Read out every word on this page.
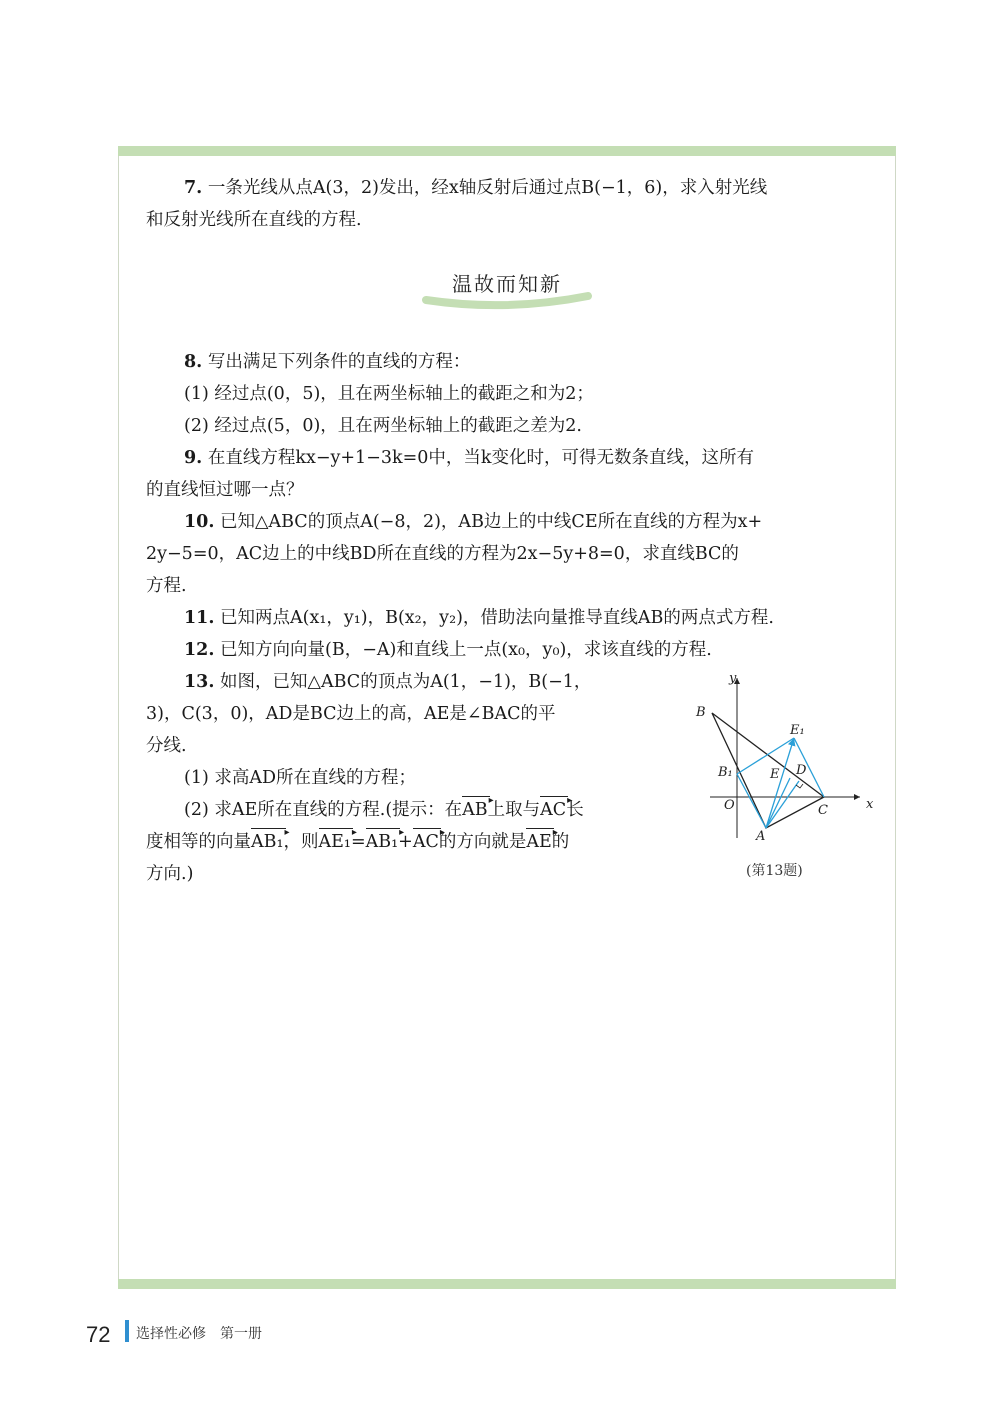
7. 一条光线从点A(3，2)发出，经x轴反射后通过点B(−1，6)，求入射光线
和反射光线所在直线的方程.
温故而知新
8. 写出满足下列条件的直线的方程：
(1) 经过点(0，5)，且在两坐标轴上的截距之和为2；
(2) 经过点(5，0)，且在两坐标轴上的截距之差为2.
9. 在直线方程kx−y+1−3k=0中，当k变化时，可得无数条直线，这所有
的直线恒过哪一点？
10. 已知△ABC的顶点A(−8，2)，AB边上的中线CE所在直线的方程为x+
2y−5=0，AC边上的中线BD所在直线的方程为2x−5y+8=0，求直线BC的
方程.
11. 已知两点A(x₁，y₁)，B(x₂，y₂)，借助法向量推导直线AB的两点式方程.
12. 已知方向向量(B，−A)和直线上一点(x₀，y₀)，求该直线的方程.
13. 如图，已知△ABC的顶点为A(1，−1)，B(−1，
3)，C(3，0)，AD是BC边上的高，AE是∠BAC的平
分线.
(1) 求高AD所在直线的方程；
(2) 求AE所在直线的方程.(提示：在AB ▸上取与AC ▸长
度相等的向量AB₁ ▸，则AE₁ ▸=AB₁ ▸+AC ▸的方向就是AE ▸的
方向.)
x
y
O
A
B
C
D
E
E₁
B₁
(第13题)
72 选择性必修　第一册
